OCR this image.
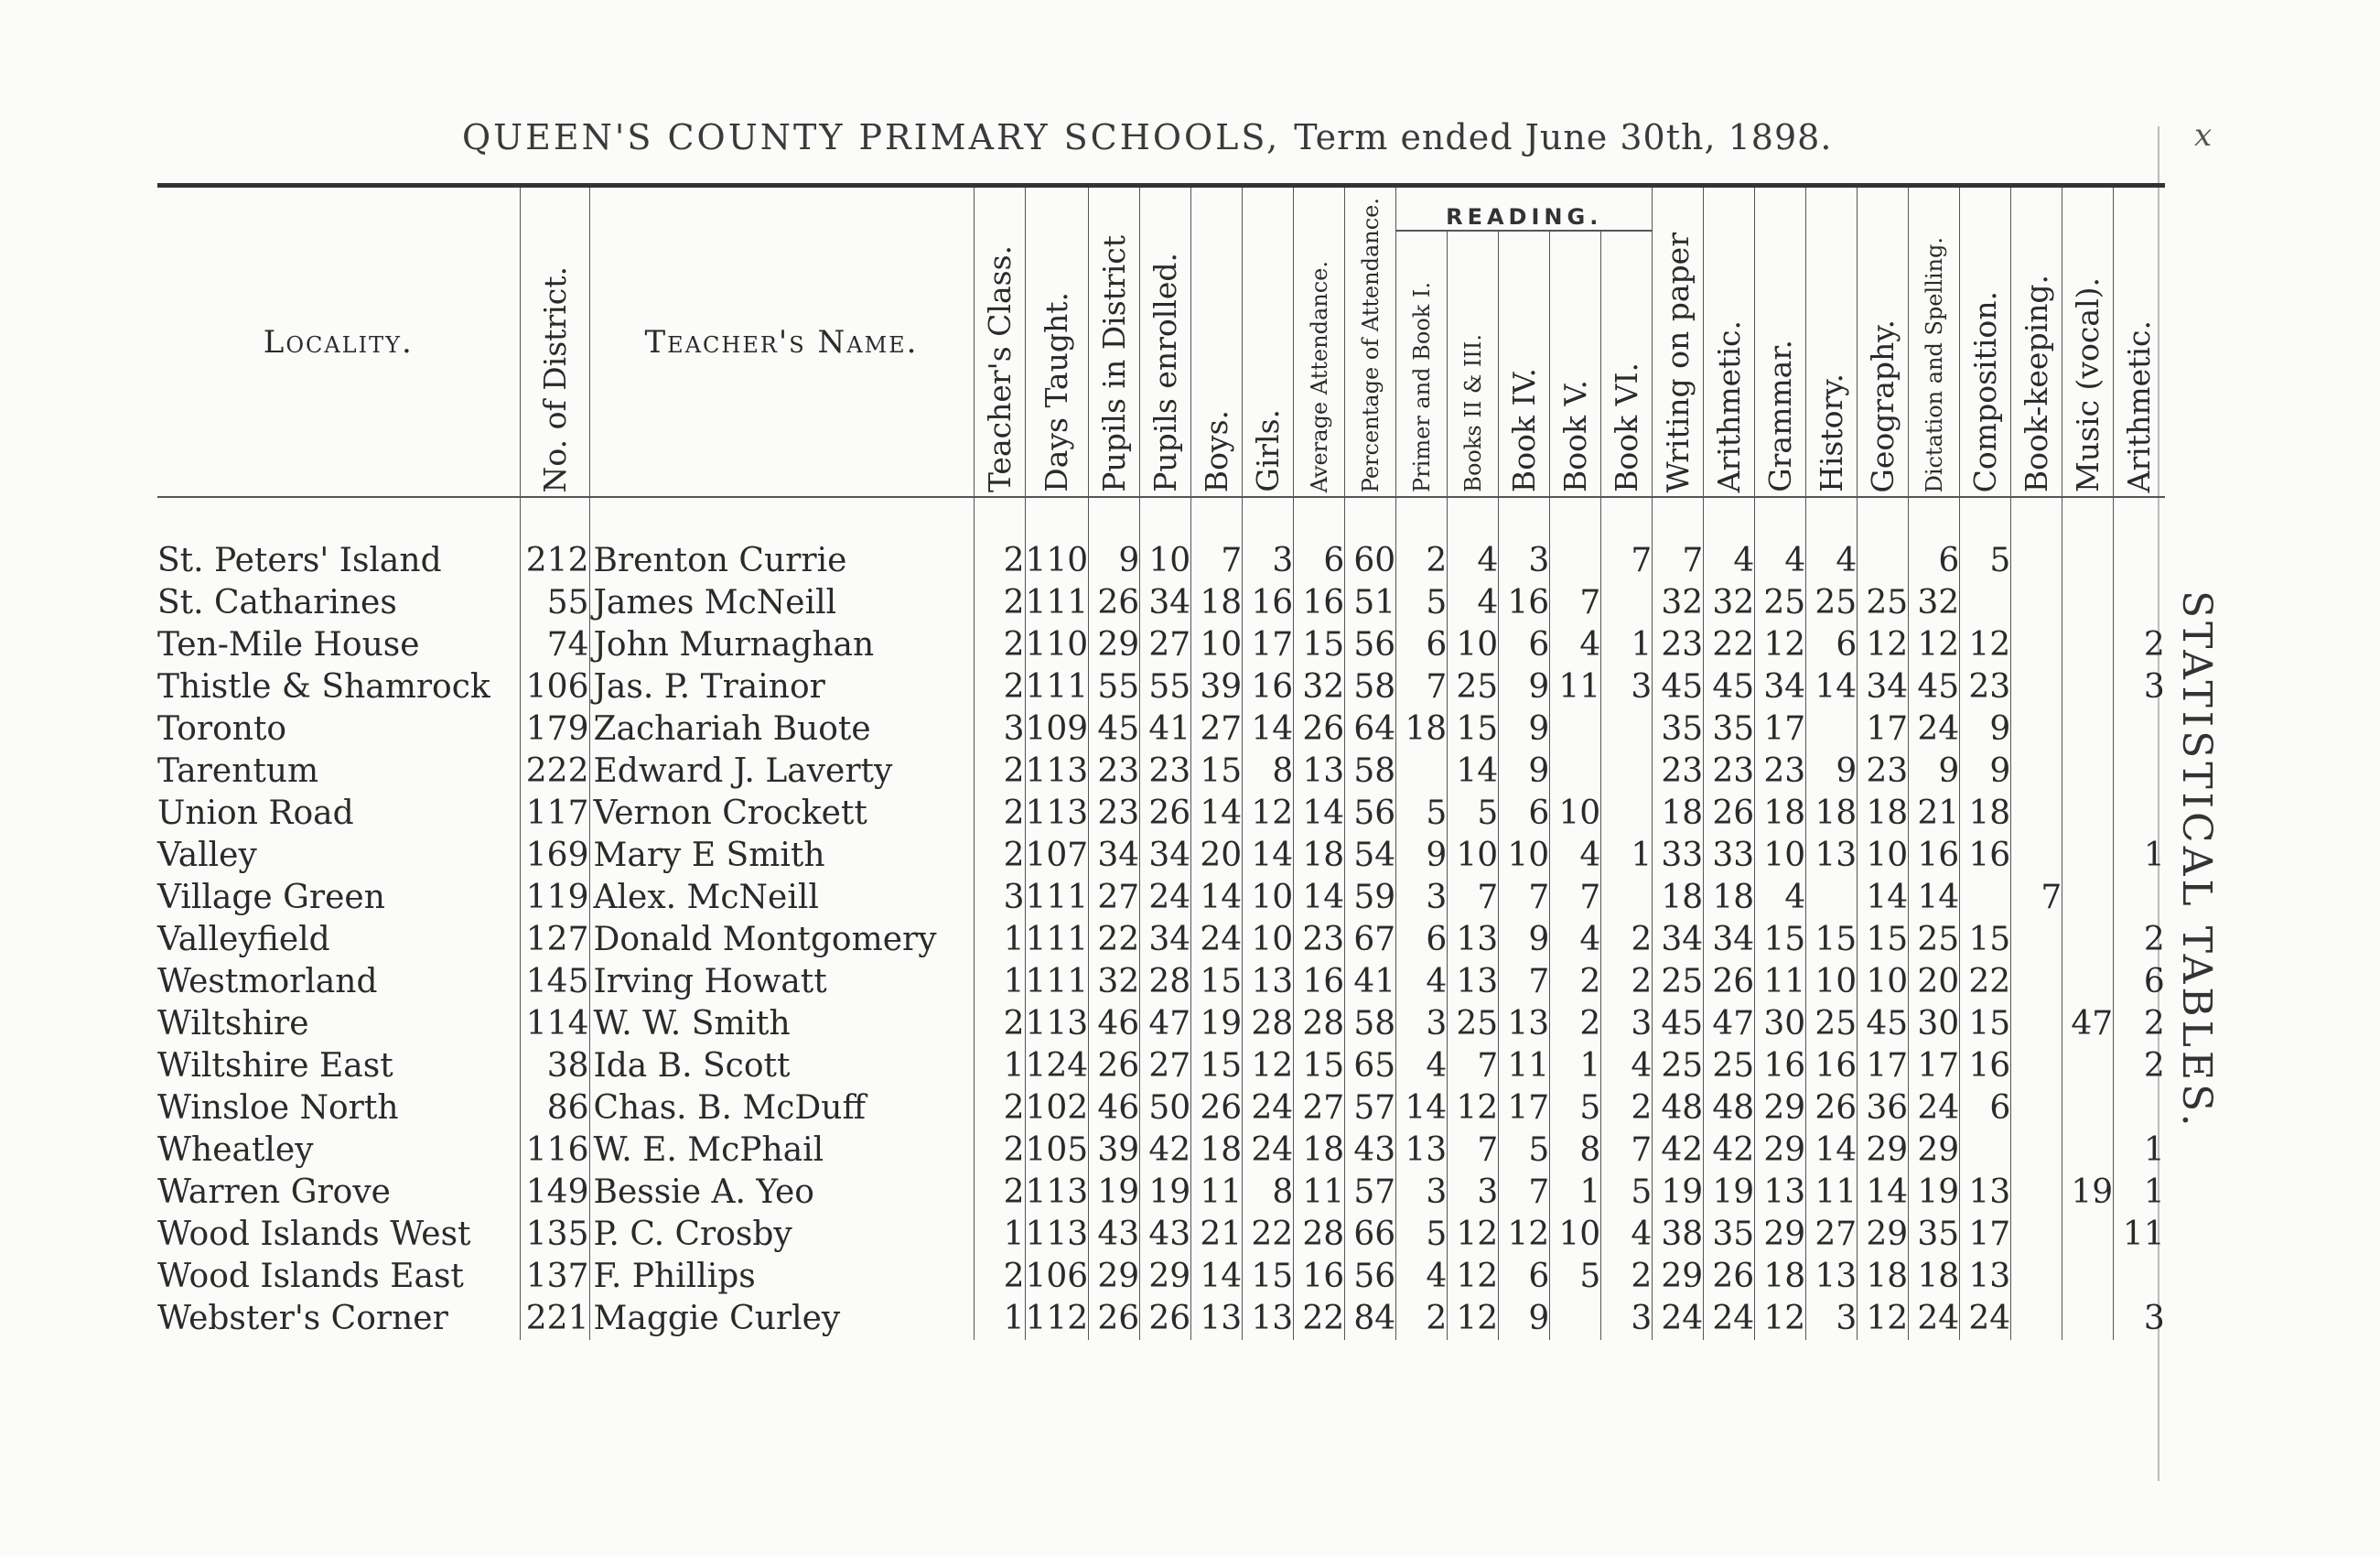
QUEEN'S COUNTY PRIMARY SCHOOLS, Term ended June 30th, 1898.	x
STATISTICAL TABLES.

Locality.	No. of District.	Teacher's Name.	Teacher's Class.	Days Taught.	Pupils in District	Pupils enrolled.	Boys.	Girls.	Average Attendance.	Percentage of Attendance.	READING.					Writing on paper	Arithmetic.	Grammar.	History.	Geography.	Dictation and Spelling.	Composition.	Book-keeping.	Music (vocal).	Arithmetic.
											Primer and Book I.	Books II & III.	Book IV.	Book V.	Book VI.										

St. Peters' Island	212	Brenton Currie	2	110	9	10	7	3	6	60	2	4	3		7	7	4	4	4		6	5			
St. Catharines	55	James McNeill	2	111	26	34	18	16	16	51	5	4	16	7		32	32	25	25	25	32				
Ten-Mile House	74	John Murnaghan	2	110	29	27	10	17	15	56	6	10	6	4	1	23	22	12	6	12	12	12			2
Thistle & Shamrock	106	Jas. P. Trainor	2	111	55	55	39	16	32	58	7	25	9	11	3	45	45	34	14	34	45	23			3
Toronto	179	Zachariah Buote	3	109	45	41	27	14	26	64	18	15	9			35	35	17		17	24	9			
Tarentum	222	Edward J. Laverty	2	113	23	23	15	8	13	58		14	9			23	23	23	9	23	9	9			
Union Road	117	Vernon Crockett	2	113	23	26	14	12	14	56	5	5	6	10		18	26	18	18	18	21	18			
Valley	169	Mary E Smith	2	107	34	34	20	14	18	54	9	10	10	4	1	33	33	10	13	10	16	16			1
Village Green	119	Alex. McNeill	3	111	27	24	14	10	14	59	3	7	7	7		18	18	4		14	14		7		
Valleyfield	127	Donald Montgomery	1	111	22	34	24	10	23	67	6	13	9	4	2	34	34	15	15	15	25	15			2
Westmorland	145	Irving Howatt	1	111	32	28	15	13	16	41	4	13	7	2	2	25	26	11	10	10	20	22			6
Wiltshire	114	W. W. Smith	2	113	46	47	19	28	28	58	3	25	13	2	3	45	47	30	25	45	30	15		47	2
Wiltshire East	38	Ida B. Scott	1	124	26	27	15	12	15	65	4	7	11	1	4	25	25	16	16	17	17	16			2
Winsloe North	86	Chas. B. McDuff	2	102	46	50	26	24	27	57	14	12	17	5	2	48	48	29	26	36	24	6			
Wheatley	116	W. E. McPhail	2	105	39	42	18	24	18	43	13	7	5	8	7	42	42	29	14	29	29				1
Warren Grove	149	Bessie A. Yeo	2	113	19	19	11	8	11	57	3	3	7	1	5	19	19	13	11	14	19	13		19	1
Wood Islands West	135	P. C. Crosby	1	113	43	43	21	22	28	66	5	12	12	10	4	38	35	29	27	29	35	17			11
Wood Islands East	137	F. Phillips	2	106	29	29	14	15	16	56	4	12	6	5	2	29	26	18	13	18	18	13			
Webster's Corner	221	Maggie Curley	1	112	26	26	13	13	22	84	2	12	9		3	24	24	12	3	12	24	24			3
